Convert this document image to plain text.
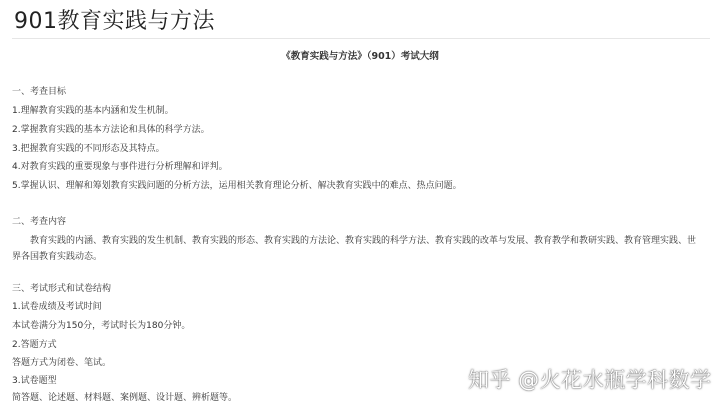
901教育实践与方法
《教育实践与方法》（901）考试大纲
一、考查目标
1.理解教育实践的基本内涵和发生机制。
2.掌握教育实践的基本方法论和具体的科学方法。
3.把握教育实践的不同形态及其特点。
4.对教育实践的重要现象与事件进行分析理解和评判。
5.掌握认识、理解和筹划教育实践问题的分析方法，运用相关教育理论分析、解决教育实践中的难点、热点问题。
二、考查内容
教育实践的内涵、教育实践的发生机制、教育实践的形态、教育实践的方法论、教育实践的科学方法、教育实践的改革与发展、教育教学和教研实践、教育管理实践、世界各国教育实践动态。
三、考试形式和试卷结构
1.试卷成绩及考试时间
本试卷满分为150分，考试时长为180分钟。
2.答题方式
答题方式为闭卷、笔试。
3.试卷题型
简答题、论述题、材料题、案例题、设计题、辨析题等。
知乎 @火花水瓶学科数学
